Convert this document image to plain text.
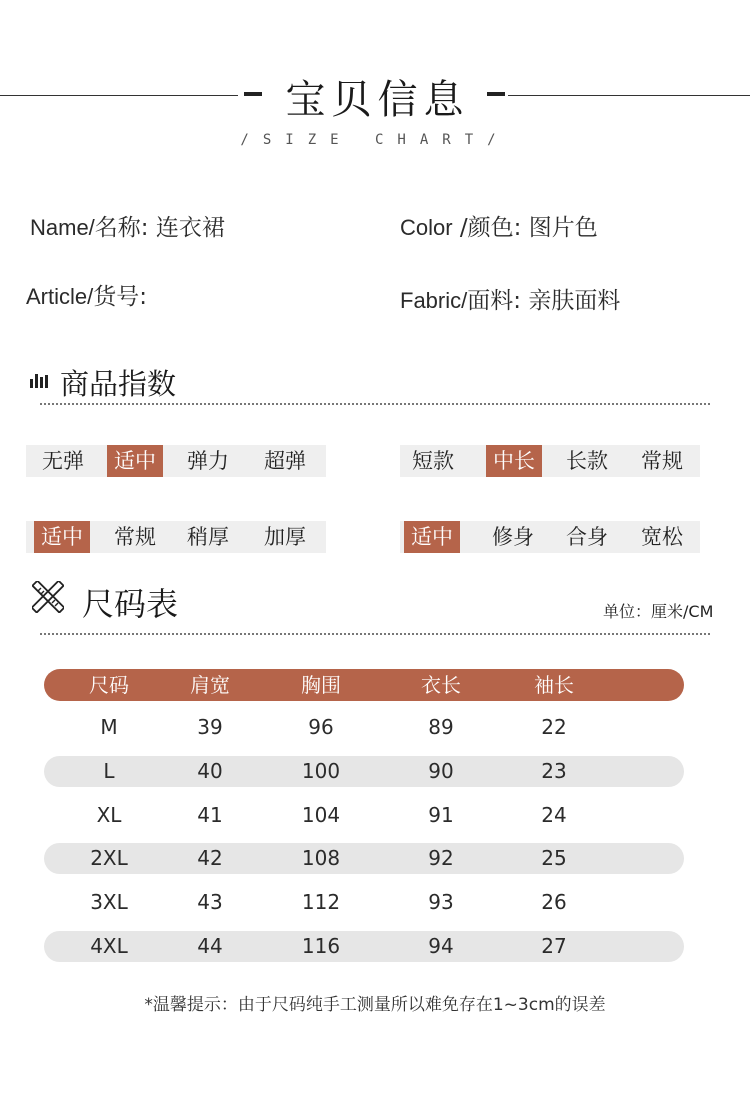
宝贝信息
/SIZE CHART/
Name/名称: 连衣裙	Color /颜色: 图片色
Article/货号:	Fabric/面料: 亲肤面料
商品指数
无弹	适中	弹力	超弹	短款	中长	长款	常规
适中	常规	稍厚	加厚	适中	修身	合身	宽松
尺码表	单位：厘米/CM
尺码	肩宽	胸围	衣长	袖长
M	39	96	89	22
L	40	100	90	23
XL	41	104	91	24
2XL	42	108	92	25
3XL	43	112	93	26
4XL	44	116	94	27
*温馨提示：由于尺码纯手工测量所以难免存在1~3cm的误差
